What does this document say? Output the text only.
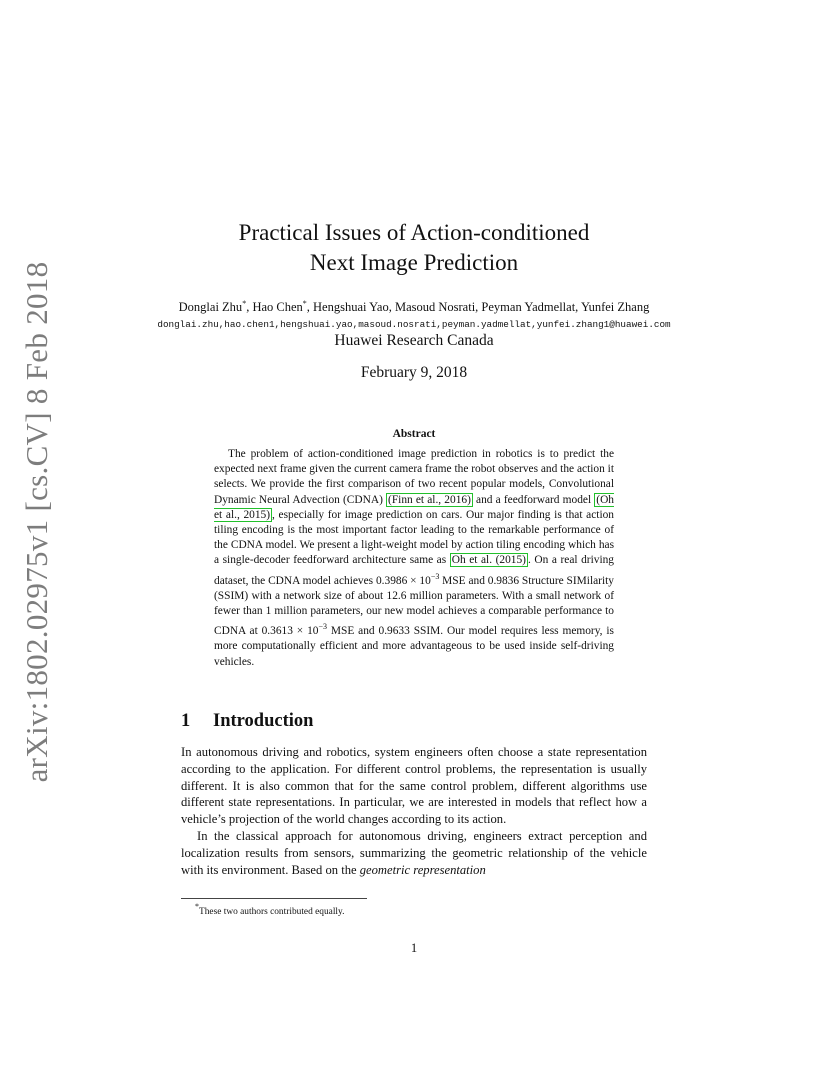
arXiv:1802.02975v1 [cs.CV] 8 Feb 2018
Practical Issues of Action-conditioned
Next Image Prediction
Donglai Zhu*, Hao Chen*, Hengshuai Yao, Masoud Nosrati, Peyman Yadmellat, Yunfei Zhang
donglai.zhu,hao.chen1,hengshuai.yao,masoud.nosrati,peyman.yadmellat,yunfei.zhang1@huawei.com
Huawei Research Canada
February 9, 2018
Abstract
The problem of action-conditioned image prediction in robotics is to predict the expected next frame given the current camera frame the robot observes and the action it selects. We provide the first comparison of two recent popular models, Convolutional Dynamic Neural Advection (CDNA) (Finn et al., 2016) and a feedforward model (Oh et al., 2015) , especially for image prediction on cars. Our major finding is that action tiling encoding is the most important factor leading to the remarkable performance of the CDNA model. We present a light-weight model by action tiling encoding which has a single-decoder feedforward architecture same as Oh et al. (2015) . On a real driving dataset, the CDNA model achieves $0.3986 \times 10^{-3}$ MSE and 0.9836 Structure SIMilarity (SSIM) with a network size of about 12.6 million parameters. With a small network of fewer than 1 million parameters, our new model achieves a comparable performance to CDNA at $0.3613 \times 10^{-3}$ MSE and 0.9633 SSIM. Our model requires less memory, is more computationally efficient and more advantageous to be used inside self-driving vehicles.
1 Introduction

In autonomous driving and robotics, system engineers often choose a state representation according to the application. For different control problems, the representation is usually different. It is also common that for the same control problem, different algorithms use different state representations. In particular, we are interested in models that reflect how a vehicle’s projection of the world changes according to its action.

In the classical approach for autonomous driving, engineers extract perception and localization results from sensors, summarizing the geometric relationship of the vehicle with its environment. Based on the geometric representation

*These two authors contributed equally.
1
